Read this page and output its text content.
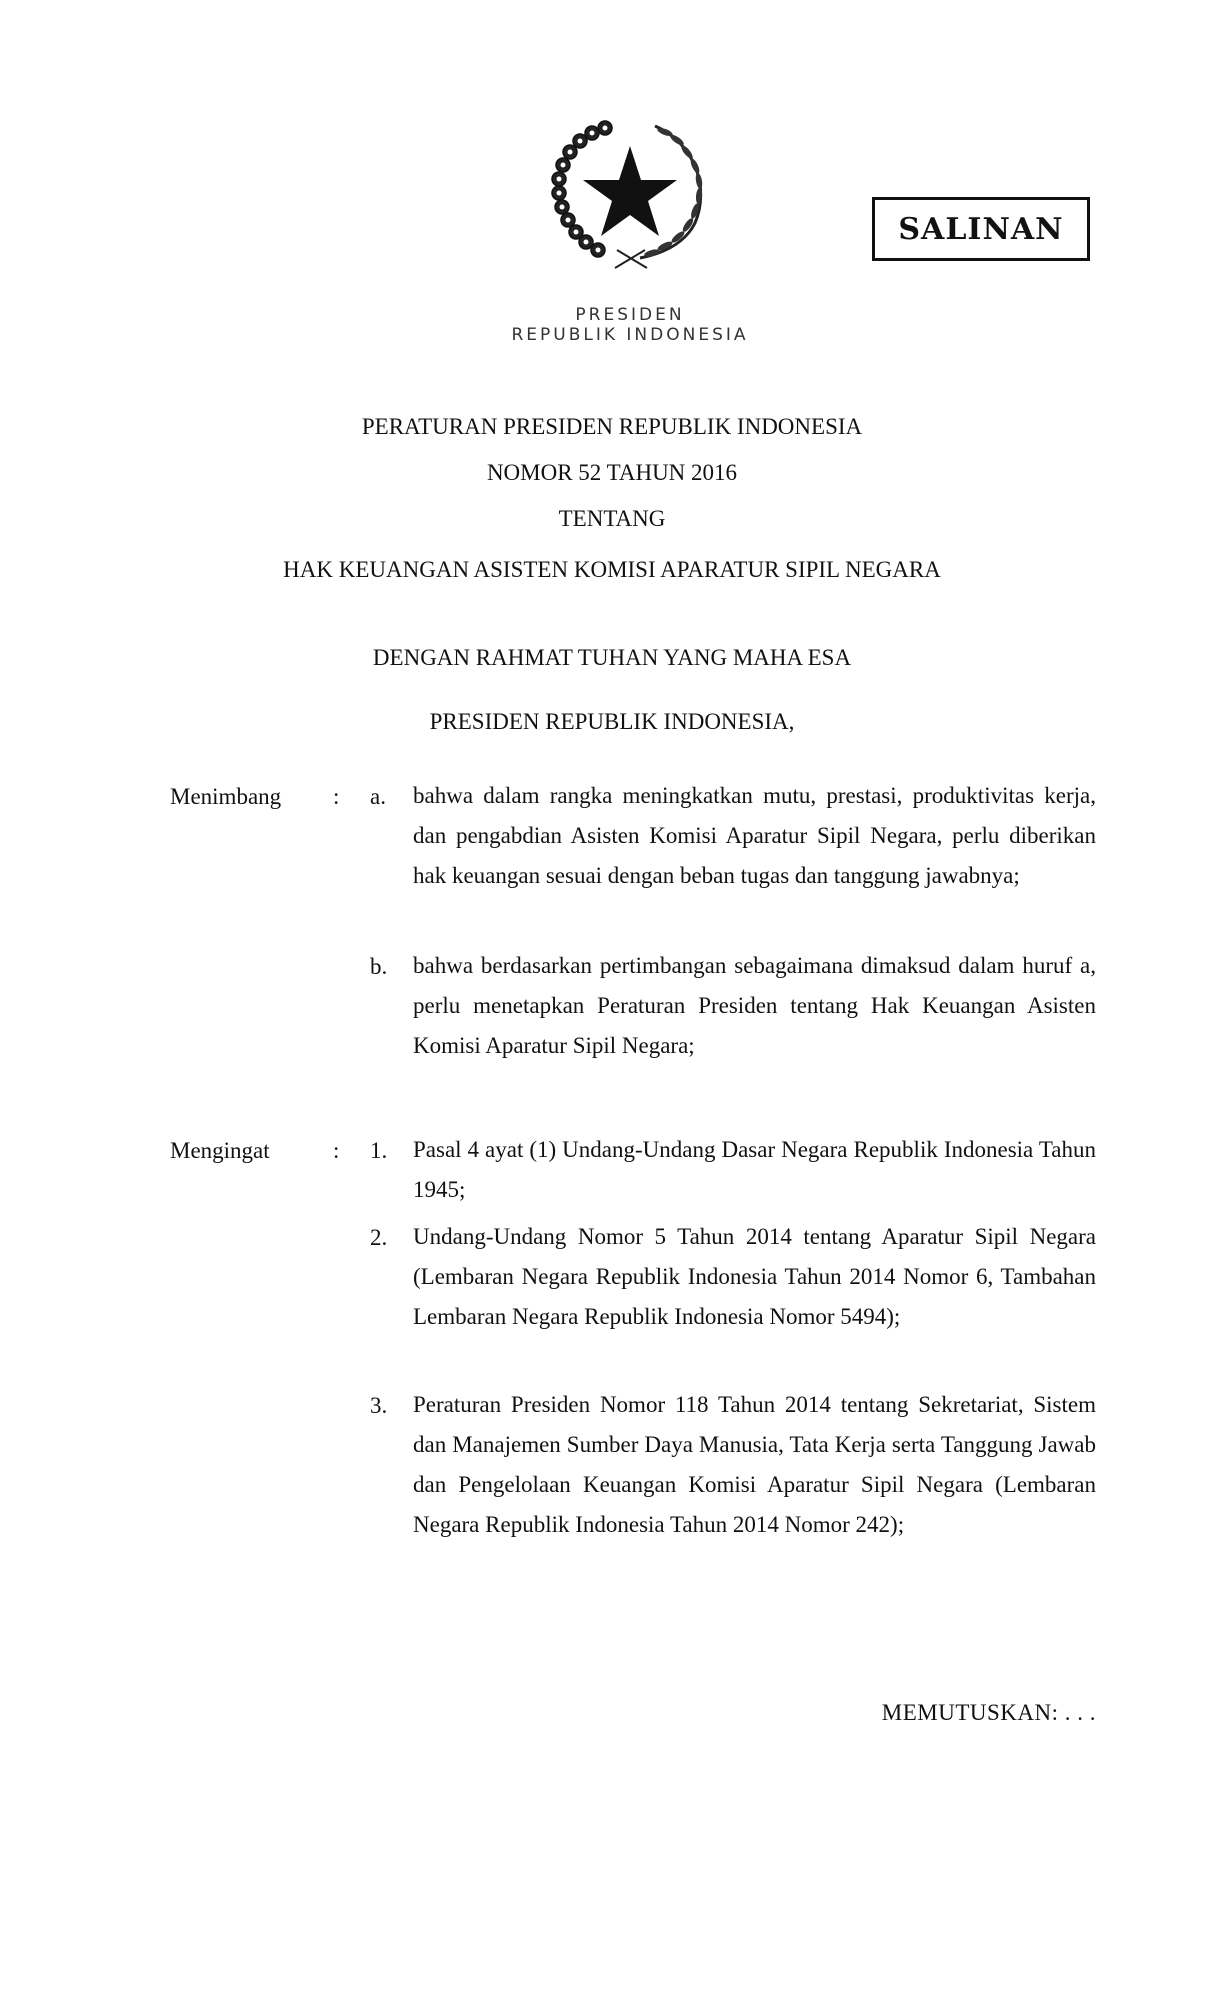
PRESIDEN
REPUBLIK INDONESIA
SALINAN
PERATURAN PRESIDEN REPUBLIK INDONESIA
NOMOR 52 TAHUN 2016
TENTANG
HAK KEUANGAN ASISTEN KOMISI APARATUR SIPIL NEGARA
DENGAN RAHMAT TUHAN YANG MAHA ESA
PRESIDEN REPUBLIK INDONESIA,
Menimbang : a. bahwa dalam rangka meningkatkan mutu, prestasi, produktivitas kerja, dan pengabdian Asisten Komisi Aparatur Sipil Negara, perlu diberikan hak keuangan sesuai dengan beban tugas dan tanggung jawabnya;
b. bahwa berdasarkan pertimbangan sebagaimana dimaksud dalam huruf a, perlu menetapkan Peraturan Presiden tentang Hak Keuangan Asisten Komisi Aparatur Sipil Negara;
Mengingat	: 1. Pasal 4 ayat (1) Undang-Undang Dasar Negara Republik Indonesia Tahun 1945;
2. Undang-Undang Nomor 5 Tahun 2014 tentang Aparatur Sipil Negara (Lembaran Negara Republik Indonesia Tahun 2014 Nomor 6, Tambahan Lembaran Negara Republik Indonesia Nomor 5494);
3. Peraturan Presiden Nomor 118 Tahun 2014 tentang Sekretariat, Sistem dan Manajemen Sumber Daya Manusia, Tata Kerja serta Tanggung Jawab dan Pengelolaan Keuangan Komisi Aparatur Sipil Negara (Lembaran Negara Republik Indonesia Tahun 2014 Nomor 242);
MEMUTUSKAN: . . .
